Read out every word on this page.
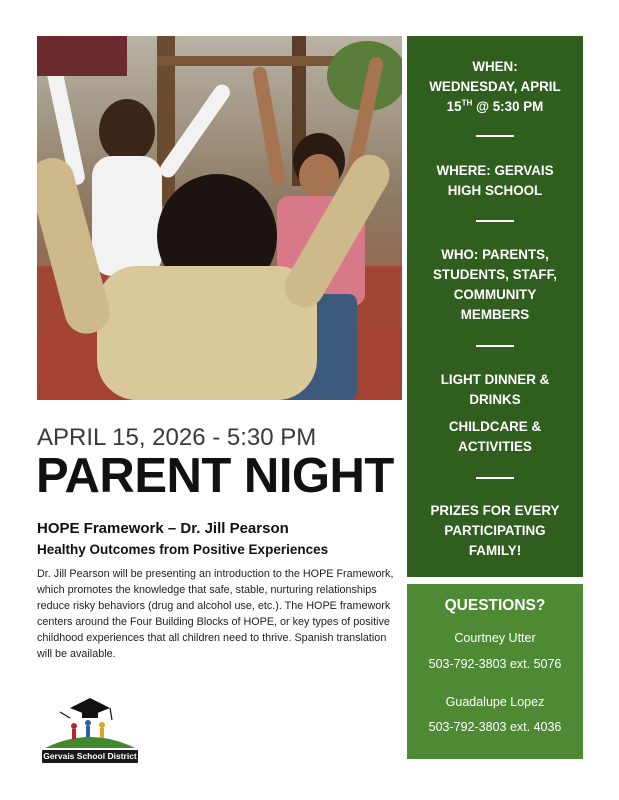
WHEN:
WEDNESDAY, APRIL
15TH @ 5:30 PM
WHERE: GERVAIS
HIGH SCHOOL
WHO: PARENTS,
STUDENTS, STAFF,
COMMUNITY
MEMBERS
LIGHT DINNER &
DRINKS
CHILDCARE &
ACTIVITIES
PRIZES FOR EVERY
PARTICIPATING
FAMILY!
QUESTIONS?
Courtney Utter
503-792-3803 ext. 5076
Guadalupe Lopez
503-792-3803 ext. 4036
APRIL 15, 2026 - 5:30 PM
PARENT NIGHT
HOPE Framework – Dr. Jill Pearson
Healthy Outcomes from Positive Experiences
Dr. Jill Pearson will be presenting an introduction to the HOPE Framework, which promotes the knowledge that safe, stable, nurturing relationships reduce risky behaviors (drug and alcohol use, etc.). The HOPE framework centers around the Four Building Blocks of HOPE, or key types of positive childhood experiences that all children need to thrive. Spanish translation will be available.
Gervais School District
